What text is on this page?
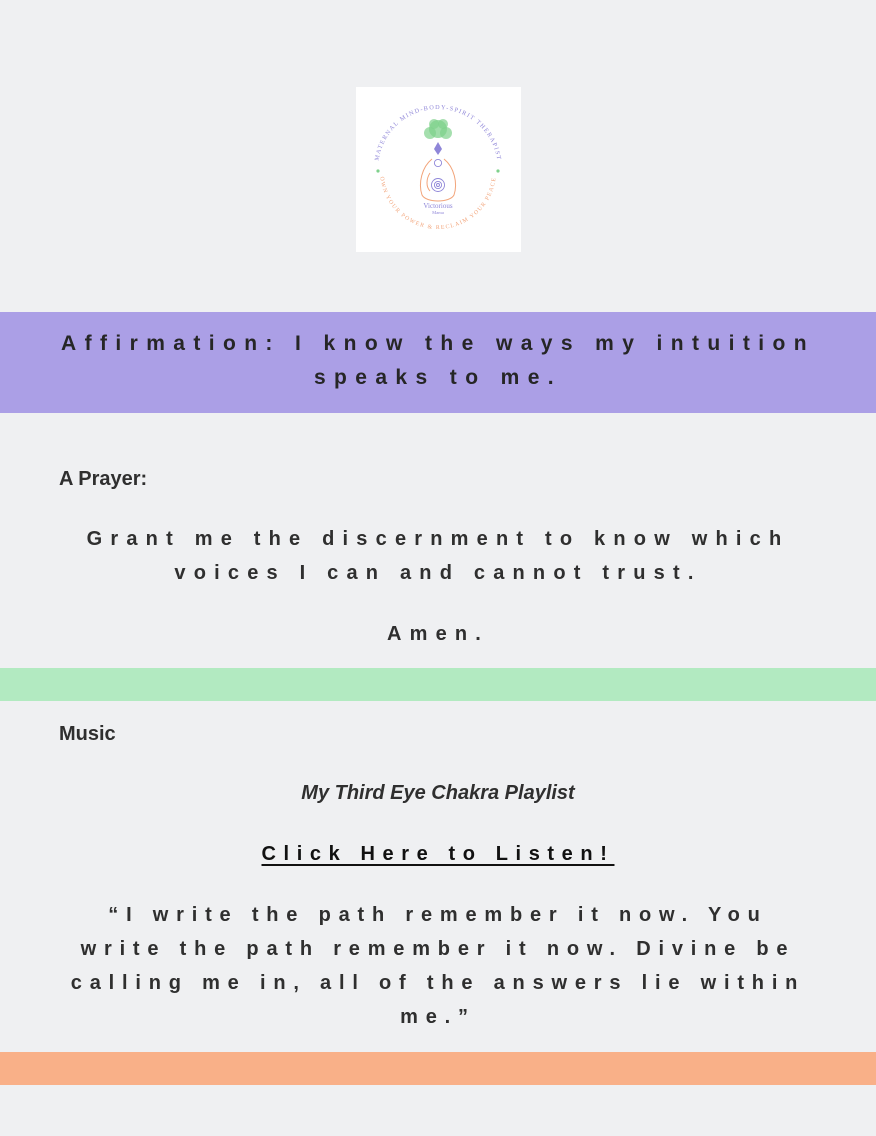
MATERNAL MIND-BODY-SPIRIT THERAPIST
OWN YOUR POWER & RECLAIM YOUR PEACE
Victorious
Mama
Affirmation: I know the ways my intuition speaks to me.
A Prayer:
Grant me the discernment to know which voices I can and cannot trust.
Amen.
Music
My Third Eye Chakra Playlist
Click Here to Listen!
“I write the path remember it now. You write the path remember it now. Divine be calling me in, all of the answers lie within me.”
